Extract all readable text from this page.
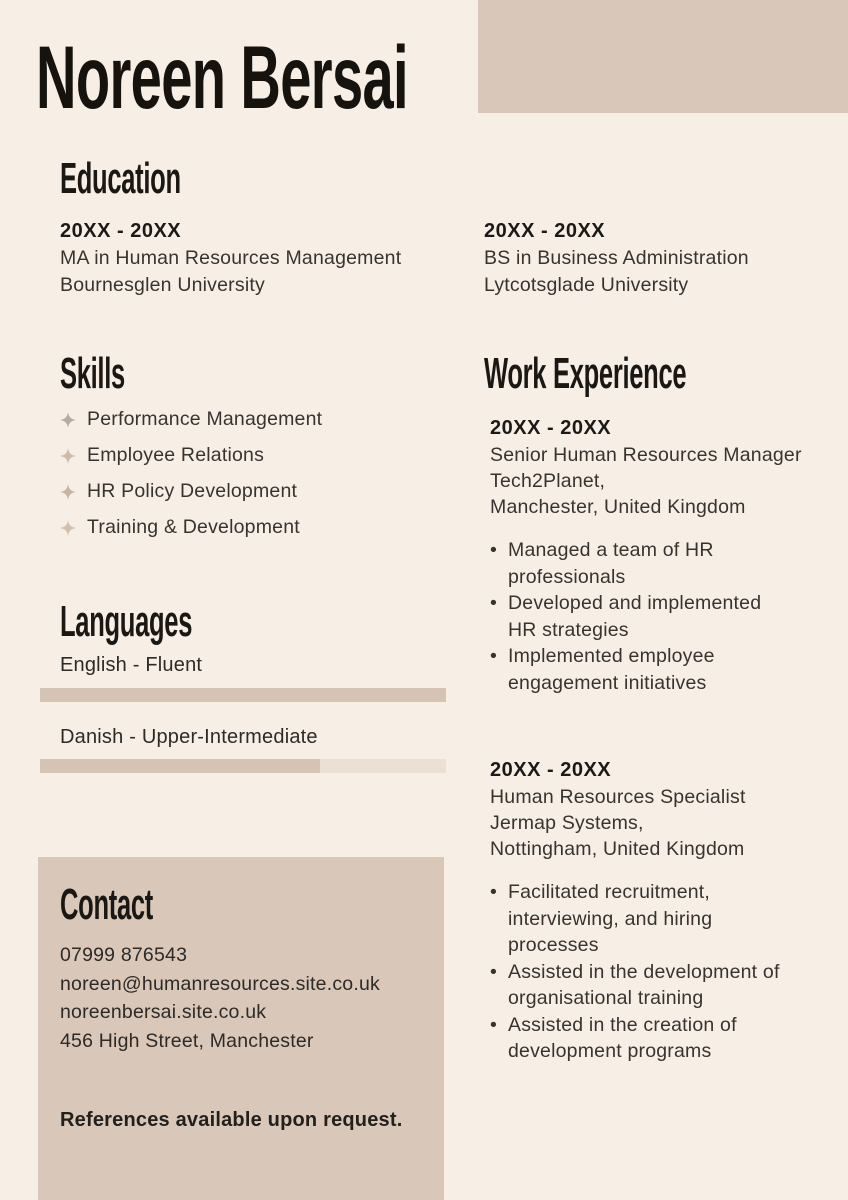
Noreen Bersai
Education
20XX - 20XX
MA in Human Resources Management
Bournesglen University
20XX - 20XX
BS in Business Administration
Lytcotsglade University
Skills
Performance Management
Employee Relations
HR Policy Development
Training & Development
Languages
English - Fluent
Danish - Upper-Intermediate
Work Experience
20XX - 20XX
Senior Human Resources Manager
Tech2Planet,
Manchester, United Kingdom
• Managed a team of HR professionals
• Developed and implemented HR strategies
• Implemented employee engagement initiatives
20XX - 20XX
Human Resources Specialist
Jermap Systems,
Nottingham, United Kingdom
• Facilitated recruitment, interviewing, and hiring processes
• Assisted in the development of organisational training
• Assisted in the creation of development programs
Contact
07999 876543
noreen@humanresources.site.co.uk
noreenbersai.site.co.uk
456 High Street, Manchester
References available upon request.
